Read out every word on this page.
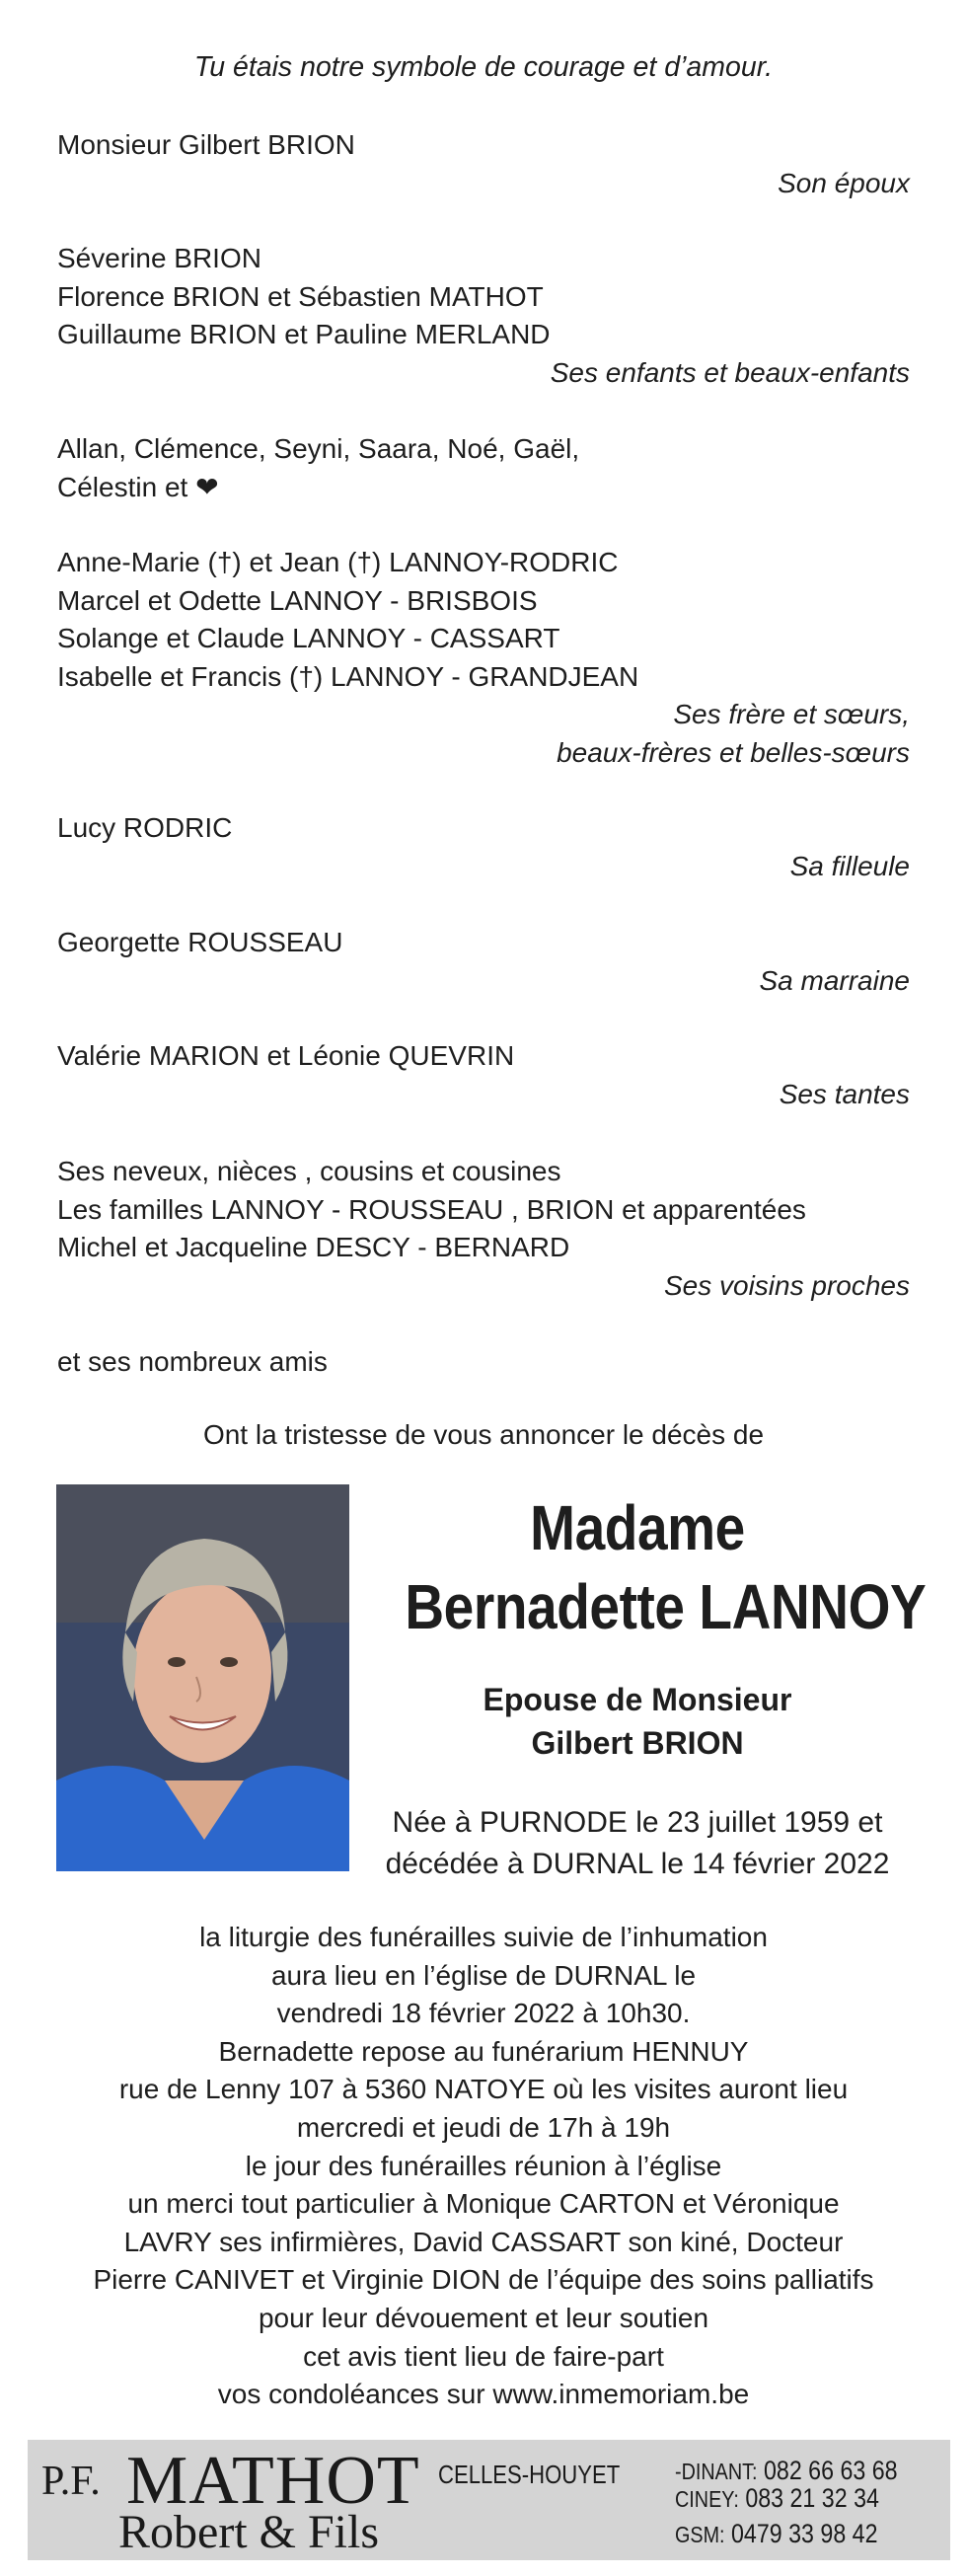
Tu étais notre symbole de courage et d’amour.
Monsieur Gilbert BRION
Son époux
Séverine BRION
Florence BRION et Sébastien MATHOT
Guillaume BRION et Pauline MERLAND
Ses enfants et beaux-enfants
Allan, Clémence, Seyni, Saara, Noé, Gaël,
Célestin et ❤
Anne-Marie (†) et Jean (†) LANNOY-RODRIC
Marcel et Odette LANNOY - BRISBOIS
Solange et Claude LANNOY - CASSART
Isabelle et Francis (†) LANNOY - GRANDJEAN
Ses frère et sœurs,
beaux-frères et belles-sœurs
Lucy RODRIC
Sa filleule
Georgette ROUSSEAU
Sa marraine
Valérie MARION et Léonie QUEVRIN
Ses tantes
Ses neveux, nièces , cousins et cousines
Les familles LANNOY - ROUSSEAU , BRION et apparentées
Michel et Jacqueline DESCY - BERNARD
Ses voisins proches
et ses nombreux amis
Ont la tristesse de vous annoncer le décès de
Madame
Bernadette LANNOY
Epouse de Monsieur
Gilbert BRION
Née à PURNODE le 23 juillet 1959 et
décédée à DURNAL le 14 février 2022
la liturgie des funérailles suivie de l’inhumation
aura lieu en l’église de DURNAL le
vendredi 18 février 2022 à 10h30.
Bernadette repose au funérarium HENNUY
rue de Lenny 107 à 5360 NATOYE où les visites auront lieu
mercredi et jeudi de 17h à 19h
le jour des funérailles réunion à l’église
un merci tout particulier à Monique CARTON et Véronique
LAVRY ses infirmières, David CASSART son kiné, Docteur
Pierre CANIVET et Virginie DION de l’équipe des soins palliatifs
pour leur dévouement et leur soutien
cet avis tient lieu de faire-part
vos condoléances sur www.inmemoriam.be
P.F. MATHOT
Robert & Fils
CELLES-HOUYET -DINANT: 082 66 63 68
CINEY: 083 21 32 34
GSM: 0479 33 98 42
